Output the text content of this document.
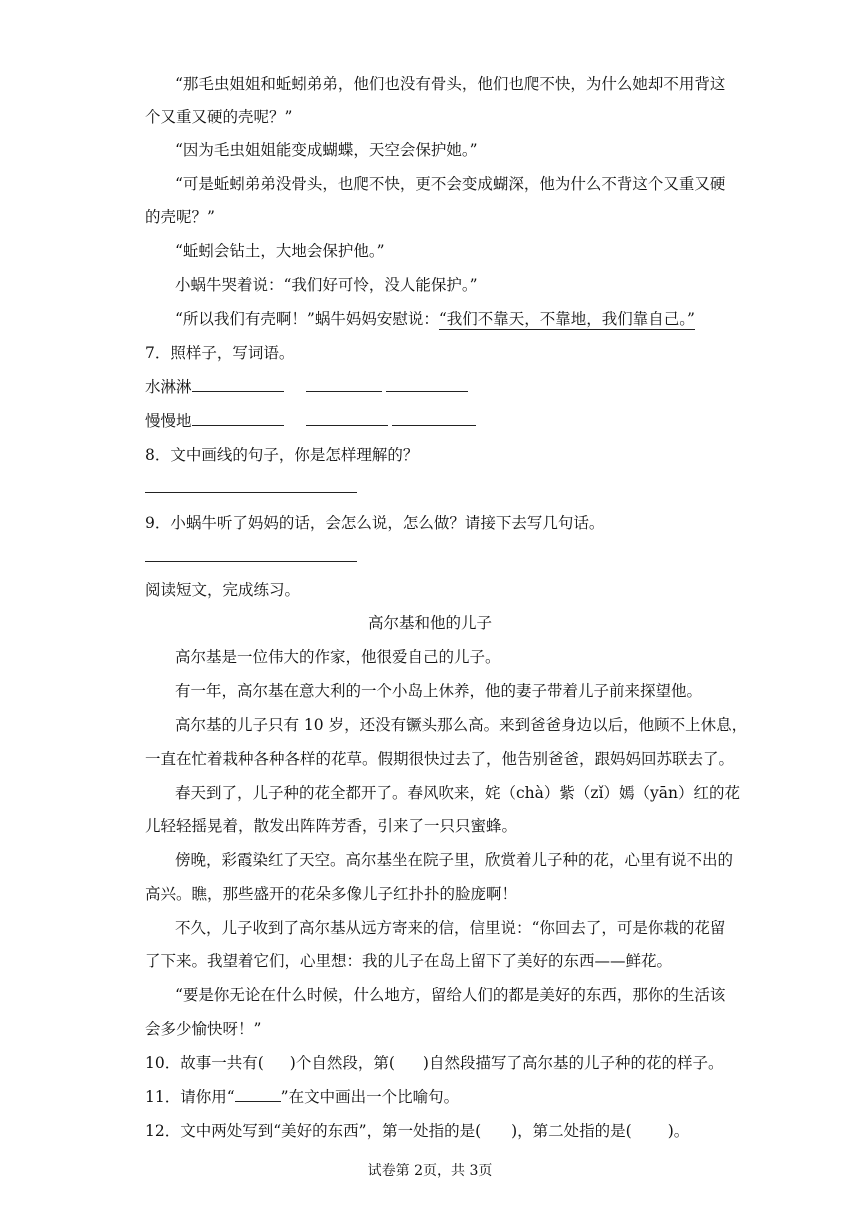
“那毛虫姐姐和蚯蚓弟弟，他们也没有骨头，他们也爬不快，为什么她却不用背这
个又重又硬的壳呢？”
“因为毛虫姐姐能变成蝴蝶，天空会保护她。”
“可是蚯蚓弟弟没骨头，也爬不快，更不会变成蝴深，他为什么不背这个又重又硬
的壳呢？”
“蚯蚓会钻土，大地会保护他。”
小蜗牛哭着说：“我们好可怜，没人能保护。”
“所以我们有壳啊！”蜗牛妈妈安慰说：“我们不靠天，不靠地，我们靠自己。”
7．照样子，写词语。
水淋淋
慢慢地
8．文中画线的句子，你是怎样理解的？
9．小蜗牛听了妈妈的话，会怎么说，怎么做？请接下去写几句话。
阅读短文，完成练习。
高尔基和他的儿子
高尔基是一位伟大的作家，他很爱自己的儿子。
有一年，高尔基在意大利的一个小岛上休养，他的妻子带着儿子前来探望他。
高尔基的儿子只有 10 岁，还没有镢头那么高。来到爸爸身边以后，他顾不上休息，
一直在忙着栽种各种各样的花草。假期很快过去了，他告别爸爸，跟妈妈回苏联去了。
春天到了，儿子种的花全都开了。春风吹来，姹（chà）紫（zǐ）嫣（yān）红的花
儿轻轻摇晃着，散发出阵阵芳香，引来了一只只蜜蜂。
傍晚，彩霞染红了天空。高尔基坐在院子里，欣赏着儿子种的花，心里有说不出的
高兴。瞧，那些盛开的花朵多像儿子红扑扑的脸庞啊！
不久，儿子收到了高尔基从远方寄来的信，信里说：“你回去了，可是你栽的花留
了下来。我望着它们，心里想：我的儿子在岛上留下了美好的东西——鲜花。
“要是你无论在什么时候，什么地方，留给人们的都是美好的东西，那你的生活该
会多少愉快呀！”
10．故事一共有( )个自然段，第( )自然段描写了高尔基的儿子种的花的样子。
11．请你用“	”在文中画出一个比喻句。
12．文中两处写到“美好的东西”，第一处指的是( )，第二处指的是( )。
试卷第 2页，共 3页
